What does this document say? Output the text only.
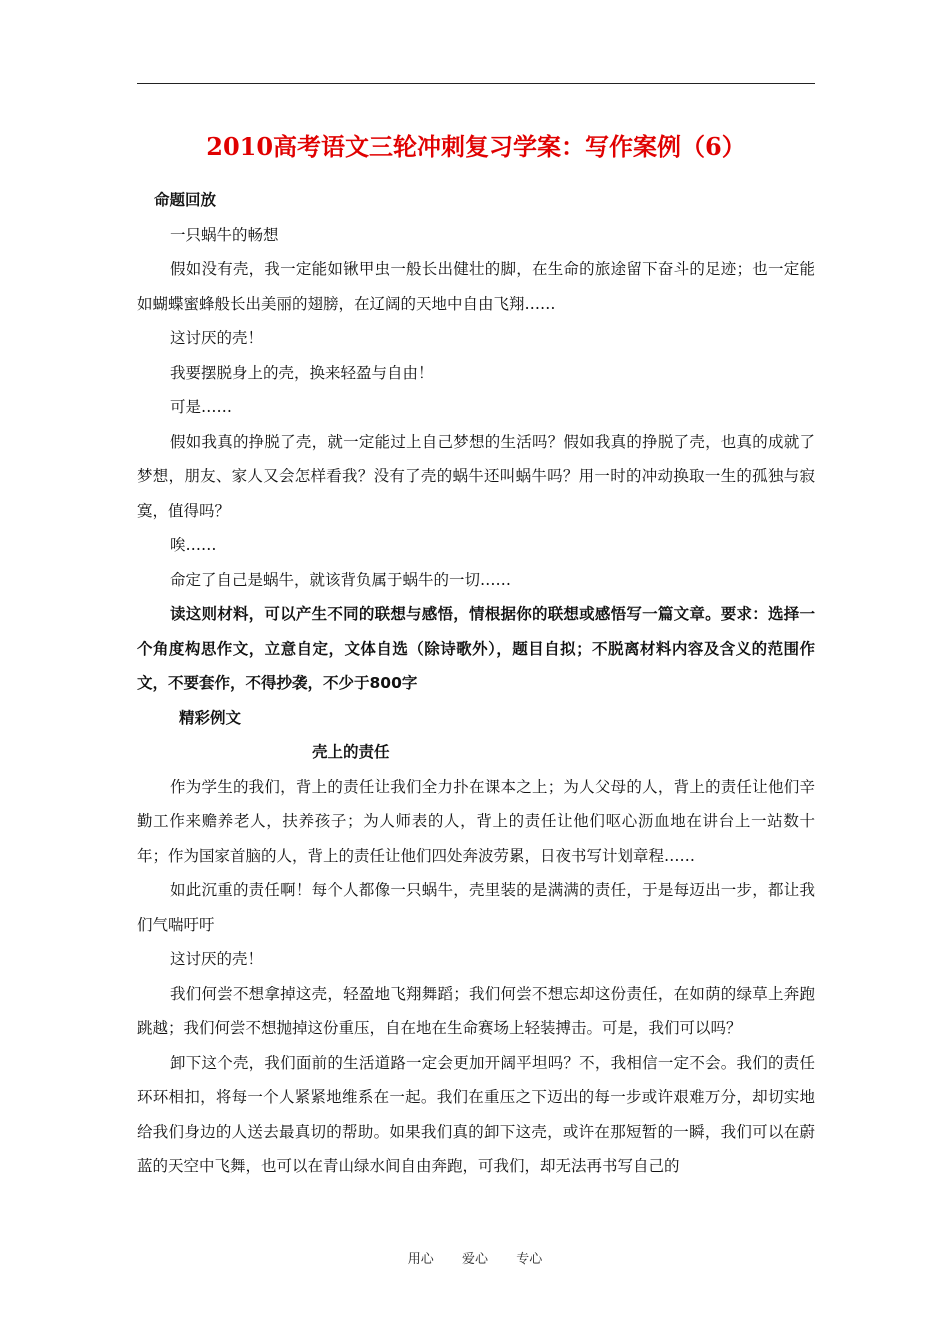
2010高考语文三轮冲刺复习学案：写作案例（6）

命题回放

一只蜗牛的畅想

假如没有壳，我一定能如锹甲虫一般长出健壮的脚，在生命的旅途留下奋斗的足迹；也一定能如蝴蝶蜜蜂般长出美丽的翅膀，在辽阔的天地中自由飞翔……

这讨厌的壳！

我要摆脱身上的壳，换来轻盈与自由！

可是……

假如我真的挣脱了壳，就一定能过上自己梦想的生活吗？假如我真的挣脱了壳，也真的成就了梦想，朋友、家人又会怎样看我？没有了壳的蜗牛还叫蜗牛吗？用一时的冲动换取一生的孤独与寂寞，值得吗？

唉……

命定了自己是蜗牛，就该背负属于蜗牛的一切……

读这则材料，可以产生不同的联想与感悟，情根据你的联想或感悟写一篇文章。要求：选择一个角度构思作文，立意自定，文体自选（除诗歌外），题目自拟；不脱离材料内容及含义的范围作文，不要套作，不得抄袭，不少于800字

精彩例文

壳上的责任

作为学生的我们，背上的责任让我们全力扑在课本之上；为人父母的人，背上的责任让他们辛勤工作来赡养老人，扶养孩子；为人师表的人，背上的责任让他们呕心沥血地在讲台上一站数十年；作为国家首脑的人，背上的责任让他们四处奔波劳累，日夜书写计划章程……

如此沉重的责任啊！每个人都像一只蜗牛，壳里装的是满满的责任，于是每迈出一步，都让我们气喘吁吁

这讨厌的壳！

我们何尝不想拿掉这壳，轻盈地飞翔舞蹈；我们何尝不想忘却这份责任，在如荫的绿草上奔跑跳越；我们何尝不想抛掉这份重压，自在地在生命赛场上轻装搏击。可是，我们可以吗？

卸下这个壳，我们面前的生活道路一定会更加开阔平坦吗？不，我相信一定不会。我们的责任环环相扣，将每一个人紧紧地维系在一起。我们在重压之下迈出的每一步或许艰难万分，却切实地给我们身边的人送去最真切的帮助。如果我们真的卸下这壳，或许在那短暂的一瞬，我们可以在蔚蓝的天空中飞舞，也可以在青山绿水间自由奔跑，可我们，却无法再书写自己的

用心  爱心  专心
